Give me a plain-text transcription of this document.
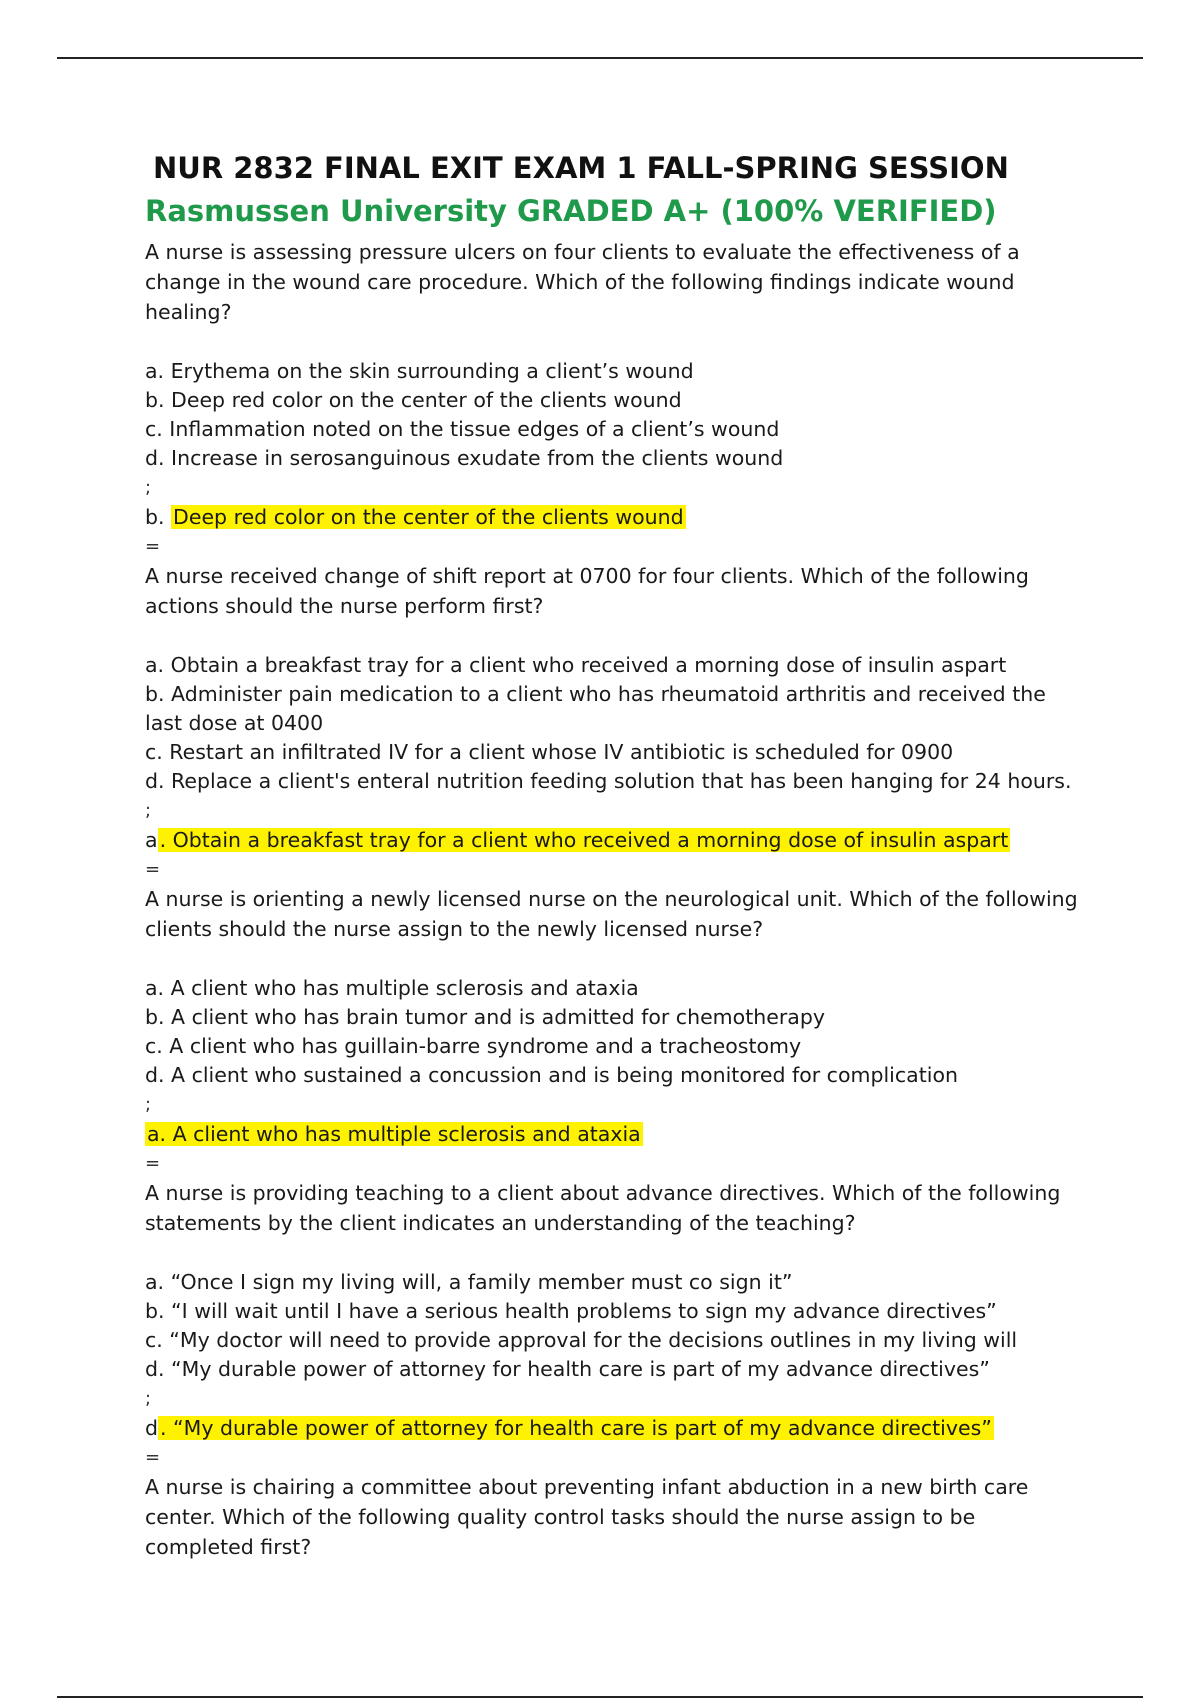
NUR 2832 FINAL EXIT EXAM 1 FALL-SPRING SESSION
Rasmussen University GRADED A+ (100% VERIFIED)

A nurse is assessing pressure ulcers on four clients to evaluate the effectiveness of a change in the wound care procedure. Which of the following findings indicate wound healing?

a. Erythema on the skin surrounding a client’s wound

b. Deep red color on the center of the clients wound

c. Inflammation noted on the tissue edges of a client’s wound

d. Increase in serosanguinous exudate from the clients wound

;

b. Deep red color on the center of the clients wound

=

A nurse received change of shift report at 0700 for four clients. Which of the following actions should the nurse perform first?

a. Obtain a breakfast tray for a client who received a morning dose of insulin aspart

b. Administer pain medication to a client who has rheumatoid arthritis and received the last dose at 0400

c. Restart an infiltrated IV for a client whose IV antibiotic is scheduled for 0900

d. Replace a client's enteral nutrition feeding solution that has been hanging for 24 hours.

;

a. Obtain a breakfast tray for a client who received a morning dose of insulin aspart

=

A nurse is orienting a newly licensed nurse on the neurological unit. Which of the following clients should the nurse assign to the newly licensed nurse?

a. A client who has multiple sclerosis and ataxia

b. A client who has brain tumor and is admitted for chemotherapy

c. A client who has guillain-barre syndrome and a tracheostomy

d. A client who sustained a concussion and is being monitored for complication

;

a. A client who has multiple sclerosis and ataxia

=

A nurse is providing teaching to a client about advance directives. Which of the following statements by the client indicates an understanding of the teaching?

a. “Once I sign my living will, a family member must co sign it”

b. “I will wait until I have a serious health problems to sign my advance directives”

c. “My doctor will need to provide approval for the decisions outlines in my living will

d. “My durable power of attorney for health care is part of my advance directives”

;

d. “My durable power of attorney for health care is part of my advance directives”

=

A nurse is chairing a committee about preventing infant abduction in a new birth care center. Which of the following quality control tasks should the nurse assign to be completed first?
